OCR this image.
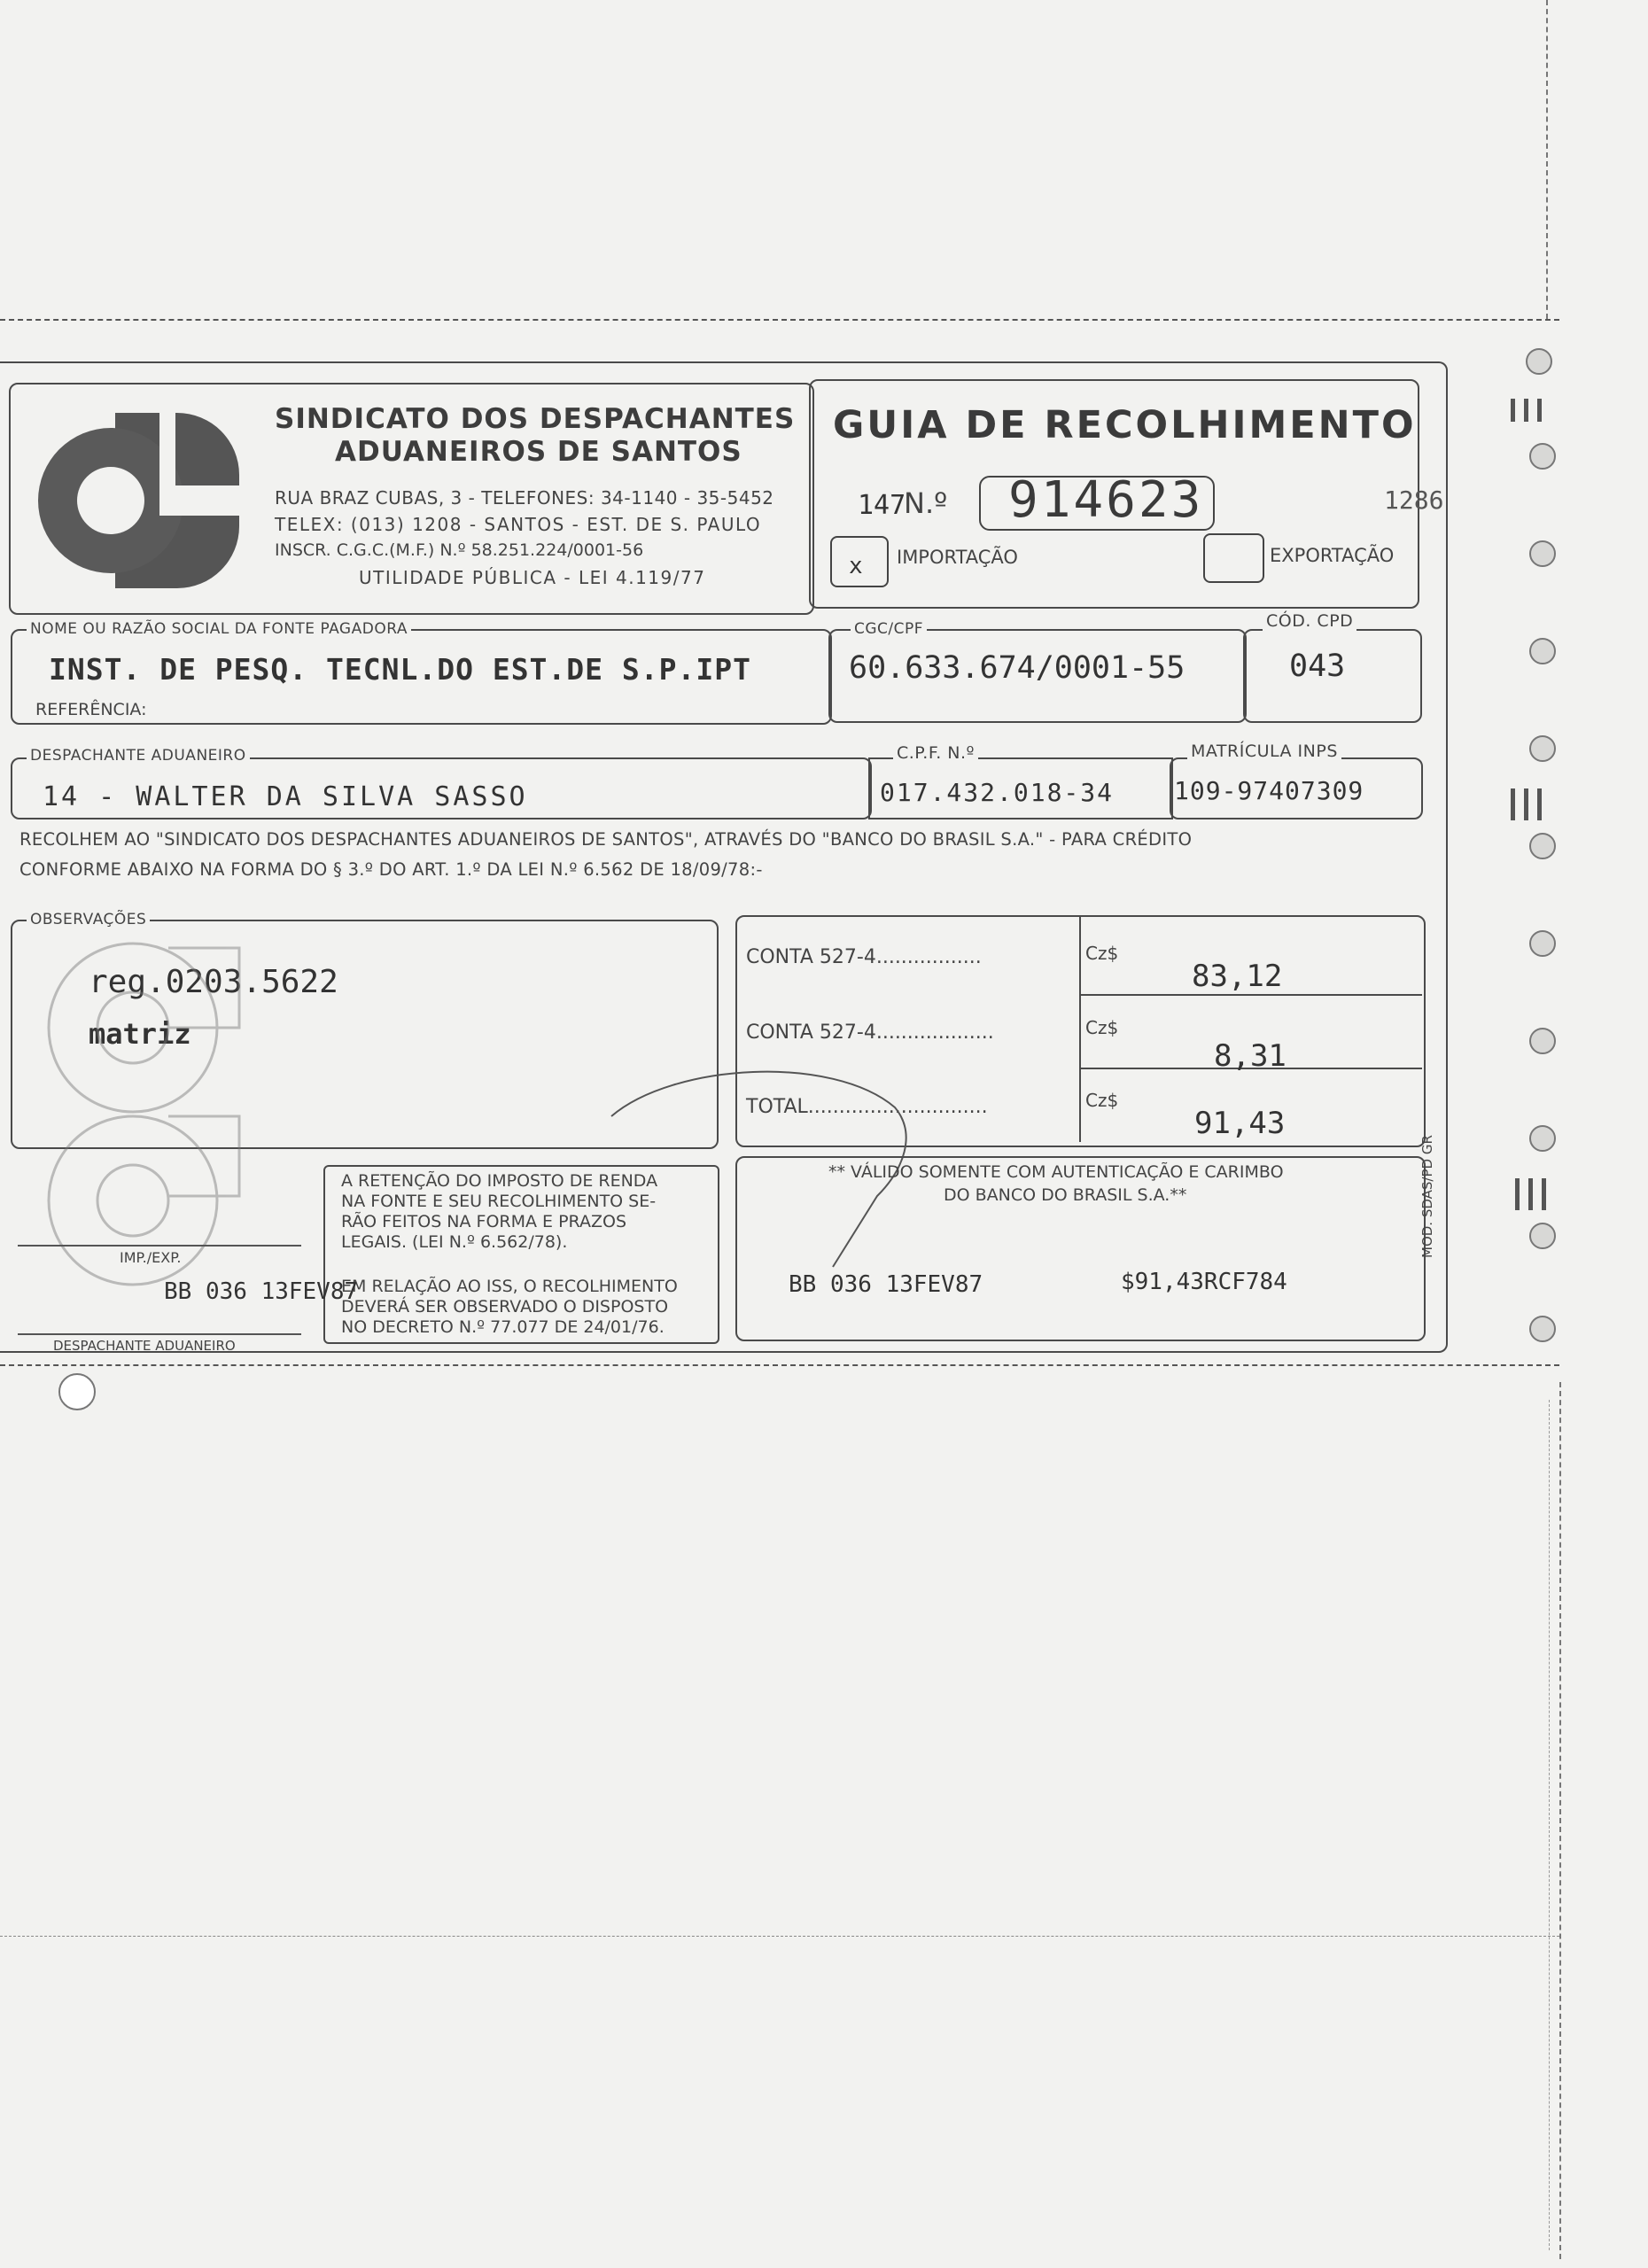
SINDICATO DOS DESPACHANTES
ADUANEIROS DE SANTOS
RUA BRAZ CUBAS, 3 - TELEFONES: 34-1140 - 35-5452
TELEX: (013) 1208 - SANTOS - EST. DE S. PAULO
INSCR. C.G.C.(M.F.) N.º 58.251.224/0001-56
UTILIDADE PÚBLICA - LEI 4.119/77
GUIA DE RECOLHIMENTO
147
N.º 914623	1286
x IMPORTAÇÃO	EXPORTAÇÃO
NOME OU RAZÃO SOCIAL DA FONTE PAGADORA
INST. DE PESQ. TECNL.DO EST.DE S.P.IPT
REFERÊNCIA:
CGC/CPF
60.633.674/0001-55
CÓD. CPD
043
DESPACHANTE ADUANEIRO
14 - WALTER DA SILVA SASSO
C.P.F. N.º
017.432.018-34
MATRÍCULA INPS
109-97407309
RECOLHEM AO "SINDICATO DOS DESPACHANTES ADUANEIROS DE SANTOS", ATRAVÉS DO "BANCO DO BRASIL S.A." - PARA CRÉDITO
CONFORME ABAIXO NA FORMA DO § 3.º DO ART. 1.º DA LEI N.º 6.562 DE 18/09/78:-
OBSERVAÇÕES
reg.0203.5622
matriz
CONTA 527-4.................	Cz$
83,12
CONTA 527-4...................	Cz$
8,31
TOTAL.............................	Cz$
91,43
A RETENÇÃO DO IMPOSTO DE RENDA
NA FONTE E SEU RECOLHIMENTO SE-
RÃO FEITOS NA FORMA E PRAZOS
LEGAIS. (LEI N.º 6.562/78).
EM RELAÇÃO AO ISS, O RECOLHIMENTO
DEVERÁ SER OBSERVADO O DISPOSTO
NO DECRETO N.º 77.077 DE 24/01/76.
** VÁLIDO SOMENTE COM AUTENTICAÇÃO E CARIMBO
DO BANCO DO BRASIL S.A.**
BB 036 13FEV87	$91,43RCF784
MOD. SDAS/PD GR
IMP./EXP.
BB 036 13FEV87
DESPACHANTE ADUANEIRO
